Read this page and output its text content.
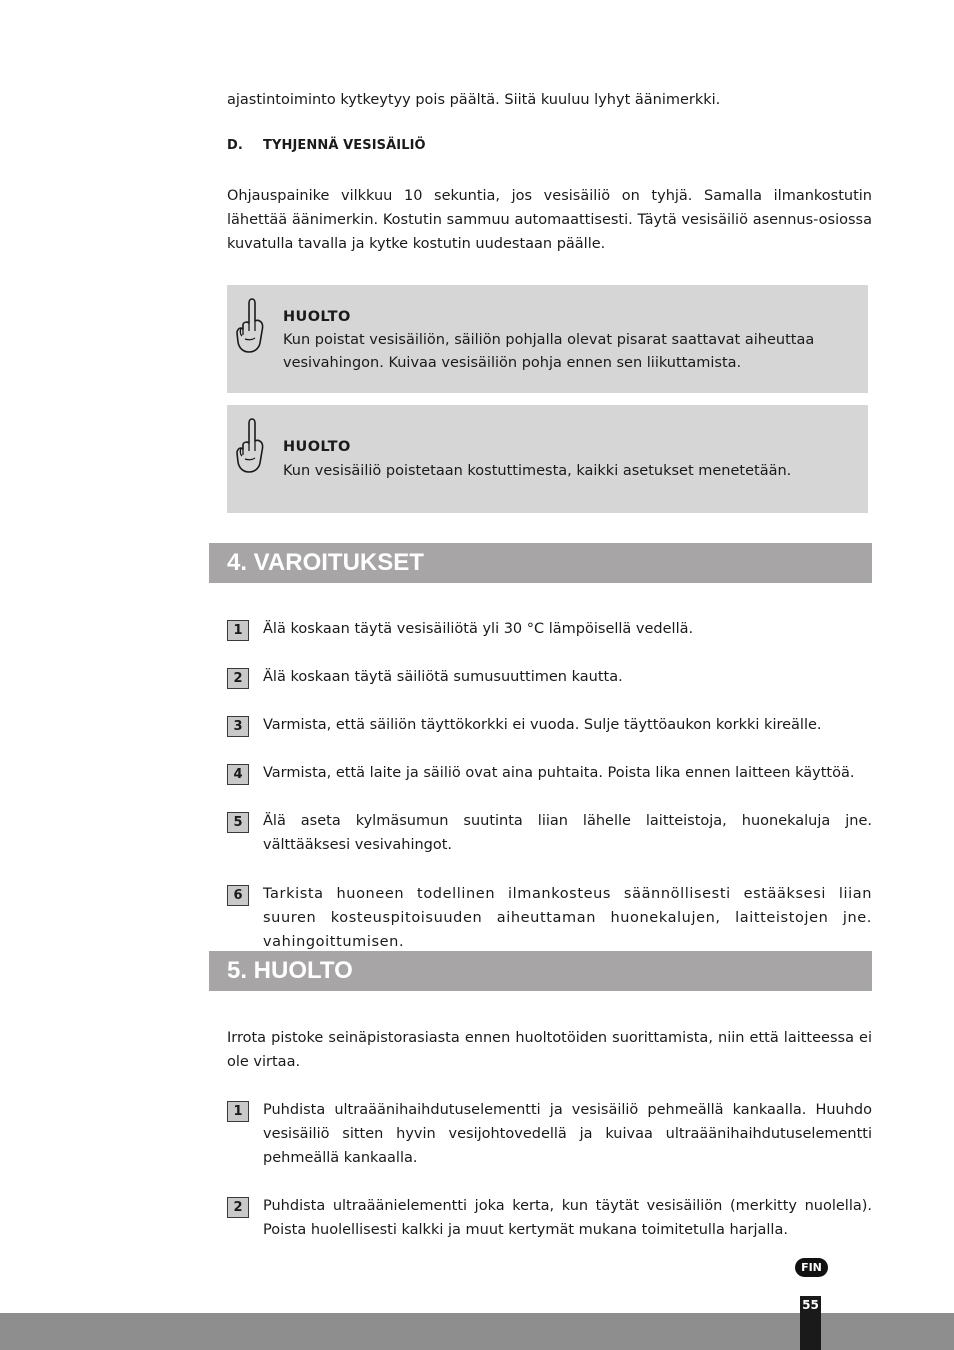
ajastintoiminto kytkeytyy pois päältä. Siitä kuuluu lyhyt äänimerkki.
D. TYHJENNÄ VESISÄILIÖ
Ohjauspainike vilkkuu 10 sekuntia, jos vesisäiliö on tyhjä. Samalla ilmankostutin lähettää äänimerkin. Kostutin sammuu automaattisesti. Täytä vesisäiliö asennus-osiossa kuvatulla tavalla ja kytke kostutin uudestaan päälle.
HUOLTO
Kun poistat vesisäiliön, säiliön pohjalla olevat pisarat saattavat aiheuttaa vesivahingon. Kuivaa vesisäiliön pohja ennen sen liikuttamista.
HUOLTO
Kun vesisäiliö poistetaan kostuttimesta, kaikki asetukset menetetään.
4. VAROITUKSET
1	Älä koskaan täytä vesisäiliötä yli 30 °C lämpöisellä vedellä.
2	Älä koskaan täytä säiliötä sumusuuttimen kautta.
3	Varmista, että säiliön täyttökorkki ei vuoda. Sulje täyttöaukon korkki kireälle.
4	Varmista, että laite ja säiliö ovat aina puhtaita. Poista lika ennen laitteen käyttöä.
5	Älä aseta kylmäsumun suutinta liian lähelle laitteistoja, huonekaluja jne. välttääksesi vesivahingot.
6	Tarkista huoneen todellinen ilmankosteus säännöllisesti estääksesi liian suuren kosteuspitoisuuden aiheuttaman huonekalujen, laitteistojen jne. vahingoittumisen.
5. HUOLTO
Irrota pistoke seinäpistorasiasta ennen huoltotöiden suorittamista, niin että laitteessa ei ole virtaa.
1	Puhdista ultraäänihaihdutuselementti ja vesisäiliö pehmeällä kankaalla. Huuhdo vesisäiliö sitten hyvin vesijohtovedellä ja kuivaa ultraäänihaihdutuselementti pehmeällä kankaalla.
2	Puhdista ultraäänielementti joka kerta, kun täytät vesisäiliön (merkitty nuolella). Poista huolellisesti kalkki ja muut kertymät mukana toimitetulla harjalla.
FIN
55
